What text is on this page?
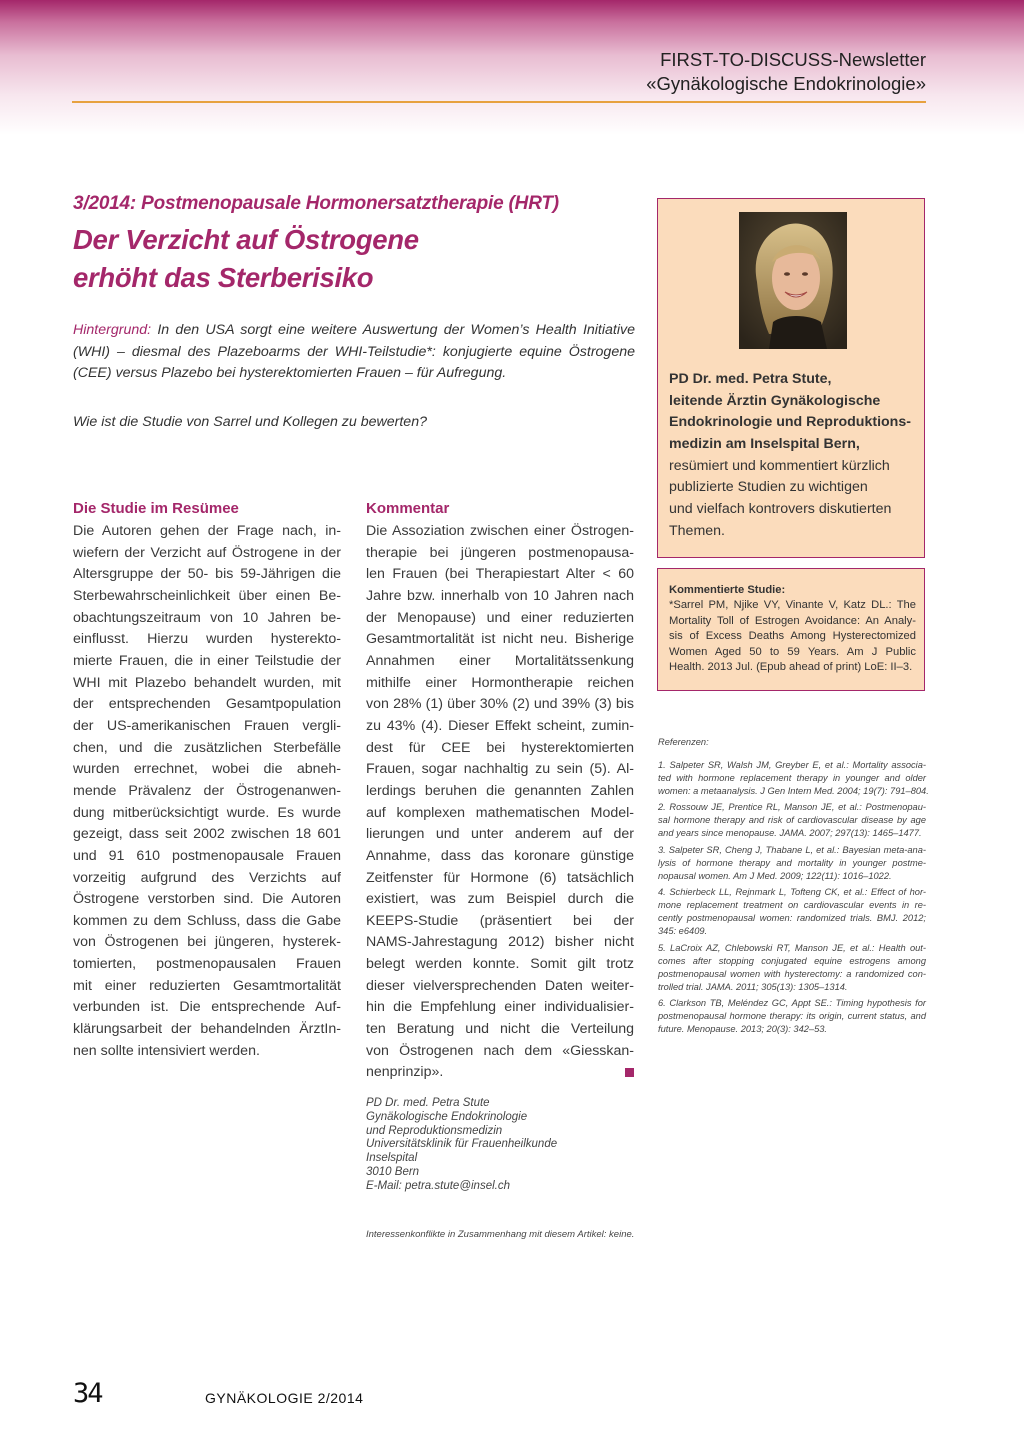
FIRST-TO-DISCUSS-Newsletter
«Gynäkologische Endokrinologie»
3/2014: Postmenopausale Hormonersatztherapie (HRT)
Der Verzicht auf Östrogene
erhöht das Sterberisiko
Hintergrund: In den USA sorgt eine weitere Auswertung der Women’s Health Initiative (WHI) – diesmal des Plazeboarms der WHI-Teilstudie*: konjugierte equine Östrogene (CEE) versus Plazebo bei hysterektomierten Frauen – für Aufregung.
Wie ist die Studie von Sarrel und Kollegen zu bewerten?
Die Studie im Resümee
Die Autoren gehen der Frage nach, in-
wiefern der Verzicht auf Östrogene in der
Altersgruppe der 50- bis 59-Jährigen die
Sterbewahrscheinlichkeit über einen Be-
obachtungszeitraum von 10 Jahren be-
einflusst. Hierzu wurden hysterekto-
mierte Frauen, die in einer Teilstudie der
WHI mit Plazebo behandelt wurden, mit
der entsprechenden Gesamtpopulation
der US-amerikanischen Frauen vergli-
chen, und die zusätzlichen Sterbefälle
wurden errechnet, wobei die abneh-
mende Prävalenz der Östrogenanwen-
dung mitberücksichtigt wurde. Es wurde
gezeigt, dass seit 2002 zwischen 18 601
und 91 610 postmenopausale Frauen
vorzeitig aufgrund des Verzichts auf
Östrogene verstorben sind. Die Autoren
kommen zu dem Schluss, dass die Gabe
von Östrogenen bei jüngeren, hysterek-
tomierten, postmenopausalen Frauen
mit einer reduzierten Gesamtmortalität
verbunden ist. Die entsprechende Auf-
klärungsarbeit der behandelnden ÄrztIn-
nen sollte intensiviert werden.
Kommentar
Die Assoziation zwischen einer Östrogen-
therapie bei jüngeren postmenopausa-
len Frauen (bei Therapiestart Alter < 60
Jahre bzw. innerhalb von 10 Jahren nach
der Menopause) und einer reduzierten
Gesamtmortalität ist nicht neu. Bisherige
Annahmen einer Mortalitätssenkung
mithilfe einer Hormontherapie reichen
von 28% (1) über 30% (2) und 39% (3) bis
zu 43% (4). Dieser Effekt scheint, zumin-
dest für CEE bei hysterektomierten
Frauen, sogar nachhaltig zu sein (5). Al-
lerdings beruhen die genannten Zahlen
auf komplexen mathematischen Model-
lierungen und unter anderem auf der
Annahme, dass das koronare günstige
Zeitfenster für Hormone (6) tatsächlich
existiert, was zum Beispiel durch die
KEEPS-Studie (präsentiert bei der
NAMS-Jahrestagung 2012) bisher nicht
belegt werden konnte. Somit gilt trotz
dieser vielversprechenden Daten weiter-
hin die Empfehlung einer individualisier-
ten Beratung und nicht die Verteilung
von Östrogenen nach dem «Giesskan-
nenprinzip».
PD Dr. med. Petra Stute
Gynäkologische Endokrinologie
und Reproduktionsmedizin
Universitätsklinik für Frauenheilkunde
Inselspital
3010 Bern
E-Mail: petra.stute@insel.ch
Interessenkonflikte in Zusammenhang mit diesem Artikel: keine.
PD Dr. med. Petra Stute,
leitende Ärztin Gynäkologische
Endokrinologie und Reproduktions-
medizin am Inselspital Bern,
resümiert und kommentiert kürzlich
publizierte Studien zu wichtigen
und vielfach kontrovers diskutierten
Themen.
Kommentierte Studie:
*Sarrel PM, Njike VY, Vinante V, Katz DL.: The
Mortality Toll of Estrogen Avoidance: An Analy-
sis of Excess Deaths Among Hysterectomized
Women Aged 50 to 59 Years. Am J Public
Health. 2013 Jul. (Epub ahead of print) LoE: II–3.
Referenzen:
1. Salpeter SR, Walsh JM, Greyber E, et al.: Mortality associa-
ted with hormone replacement therapy in younger and older
women: a metaanalysis. J Gen Intern Med. 2004; 19(7): 791–804.
2. Rossouw JE, Prentice RL, Manson JE, et al.: Postmenopau-
sal hormone therapy and risk of cardiovascular disease by age
and years since menopause. JAMA. 2007; 297(13): 1465–1477.
3. Salpeter SR, Cheng J, Thabane L, et al.: Bayesian meta-ana-
lysis of hormone therapy and mortality in younger postme-
nopausal women. Am J Med. 2009; 122(11): 1016–1022.
4. Schierbeck LL, Rejnmark L, Tofteng CK, et al.: Effect of hor-
mone replacement treatment on cardiovascular events in re-
cently postmenopausal women: randomized trials. BMJ. 2012;
345: e6409.
5. LaCroix AZ, Chlebowski RT, Manson JE, et al.: Health out-
comes after stopping conjugated equine estrogens among
postmenopausal women with hysterectomy: a randomized con-
trolled trial. JAMA. 2011; 305(13): 1305–1314.
6. Clarkson TB, Meléndez GC, Appt SE.: Timing hypothesis for
postmenopausal hormone therapy: its origin, current status, and
future. Menopause. 2013; 20(3): 342–53.
34	GYNÄKOLOGIE 2/2014
